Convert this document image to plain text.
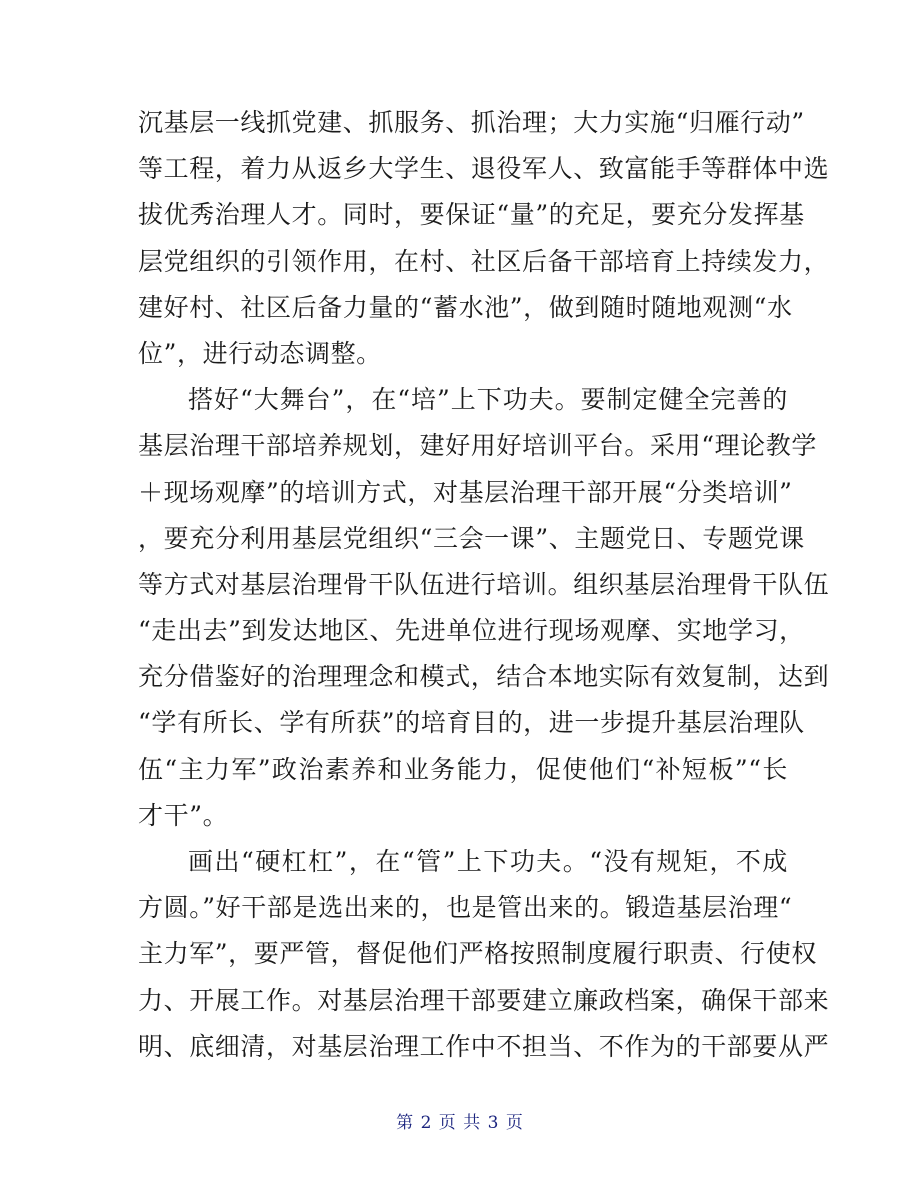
沉基层一线抓党建、抓服务、抓治理；大力实施“归雁行动”
等工程，着力从返乡大学生、退役军人、致富能手等群体中选
拔优秀治理人才。同时，要保证“量”的充足，要充分发挥基
层党组织的引领作用，在村、社区后备干部培育上持续发力，
建好村、社区后备力量的“蓄水池”，做到随时随地观测“水
位”，进行动态调整。
搭好“大舞台”，在“培”上下功夫。要制定健全完善的
基层治理干部培养规划，建好用好培训平台。采用“理论教学
＋现场观摩”的培训方式，对基层治理干部开展“分类培训”
，要充分利用基层党组织“三会一课”、主题党日、专题党课
等方式对基层治理骨干队伍进行培训。组织基层治理骨干队伍
“走出去”到发达地区、先进单位进行现场观摩、实地学习，
充分借鉴好的治理理念和模式，结合本地实际有效复制，达到
“学有所长、学有所获”的培育目的，进一步提升基层治理队
伍“主力军”政治素养和业务能力，促使他们“补短板”“长
才干”。
画出“硬杠杠”，在“管”上下功夫。“没有规矩，不成
方圆。”好干部是选出来的，也是管出来的。锻造基层治理“
主力军”，要严管，督促他们严格按照制度履行职责、行使权
力、开展工作。对基层治理干部要建立廉政档案，确保干部来
明、底细清，对基层治理工作中不担当、不作为的干部要从严
第 2 页 共 3 页
